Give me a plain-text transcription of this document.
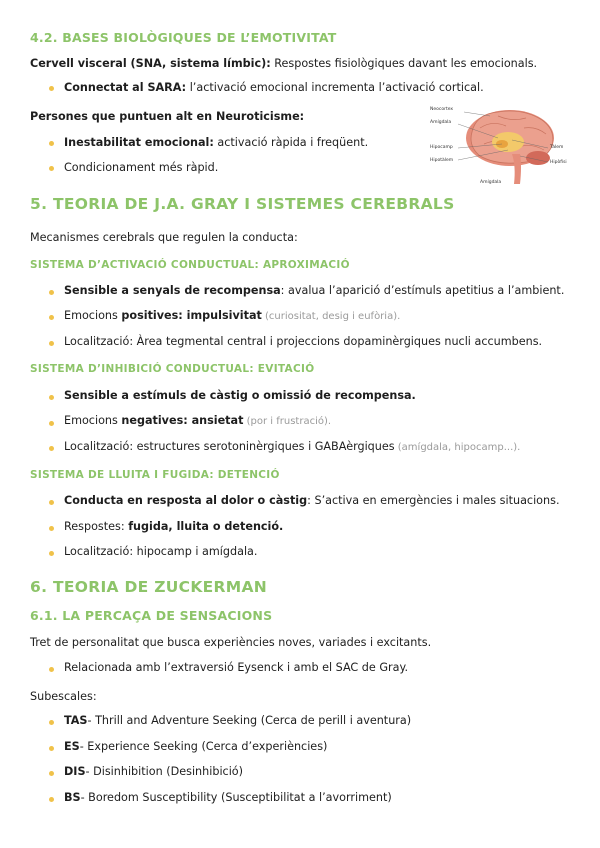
4.2. BASES BIOLÒGIQUES DE L’EMOTIVITAT
Cervell visceral (SNA, sistema límbic): Respostes fisiològiques davant les emocionals.
Connectat al SARA: l’activació emocional incrementa l’activació cortical.
Persones que puntuen alt en Neuroticisme:
Inestabilitat emocional: activació ràpida i freqüent.
Condicionament més ràpid.
Neocortex
Amígdala
Hipocamp
Hipotàlem
Tàlem
Hipòfisi
Amígdala
5. TEORIA DE J.A. GRAY I SISTEMES CEREBRALS
Mecanismes cerebrals que regulen la conducta:
SISTEMA D’ACTIVACIÓ CONDUCTUAL: APROXIMACIÓ
Sensible a senyals de recompensa: avalua l’aparició d’estímuls apetitius a l’ambient.
Emocions positives: impulsivitat (curiositat, desig i eufòria).
Localització: Àrea tegmental central i projeccions dopaminèrgiques nucli accumbens.
SISTEMA D’INHIBICIÓ CONDUCTUAL: EVITACIÓ
Sensible a estímuls de càstig o omissió de recompensa.
Emocions negatives: ansietat (por i frustració).
Localització: estructures serotoninèrgiques i GABAèrgiques (amígdala, hipocamp...).
SISTEMA DE LLUITA I FUGIDA: DETENCIÓ
Conducta en resposta al dolor o càstig: S’activa en emergències i males situacions.
Respostes: fugida, lluita o detenció.
Localització: hipocamp i amígdala.
6. TEORIA DE ZUCKERMAN
6.1. LA PERCAÇA DE SENSACIONS
Tret de personalitat que busca experiències noves, variades i excitants.
Relacionada amb l’extraversió Eysenck i amb el SAC de Gray.
Subescales:
TAS- Thrill and Adventure Seeking (Cerca de perill i aventura)
ES- Experience Seeking (Cerca d’experiències)
DIS- Disinhibition (Desinhibició)
BS- Boredom Susceptibility (Susceptibilitat a l’avorriment)
